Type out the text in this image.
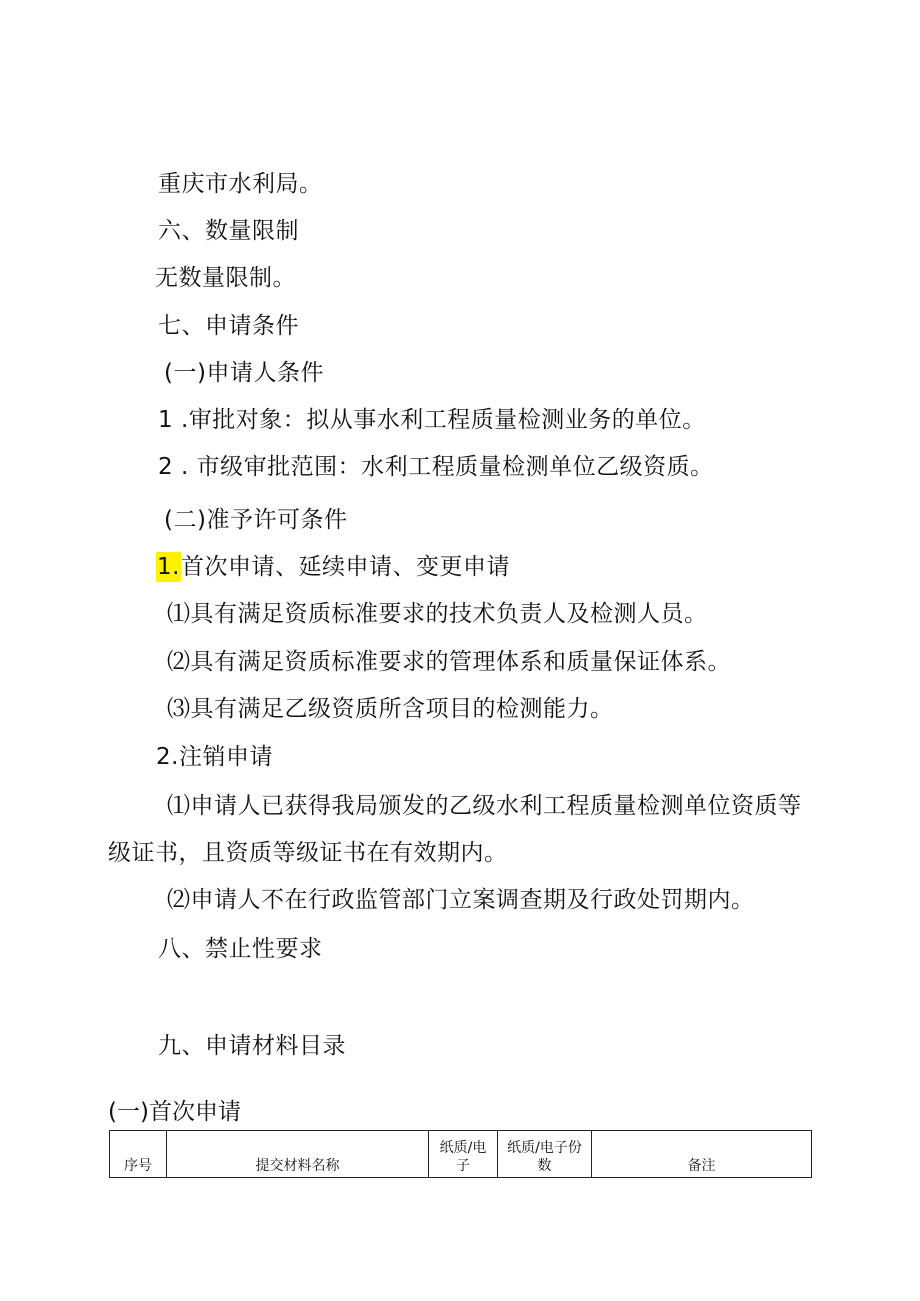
重庆市水利局。
六、数量限制
无数量限制。
七、申请条件
(一)申请人条件
1 .审批对象：拟从事水利工程质量检测业务的单位。
2 . 市级审批范围：水利工程质量检测单位乙级资质。
(二)准予许可条件
1.首次申请、延续申请、变更申请
⑴具有满足资质标准要求的技术负责人及检测人员。
⑵具有满足资质标准要求的管理体系和质量保证体系。
⑶具有满足乙级资质所含项目的检测能力。
2.注销申请
⑴申请人已获得我局颁发的乙级水利工程质量检测单位资质等
级证书，且资质等级证书在有效期内。
⑵申请人不在行政监管部门立案调查期及行政处罚期内。
八、禁止性要求
九、申请材料目录
(一)首次申请
序号	提交材料名称	纸质/电子	纸质/电子份数	备注
